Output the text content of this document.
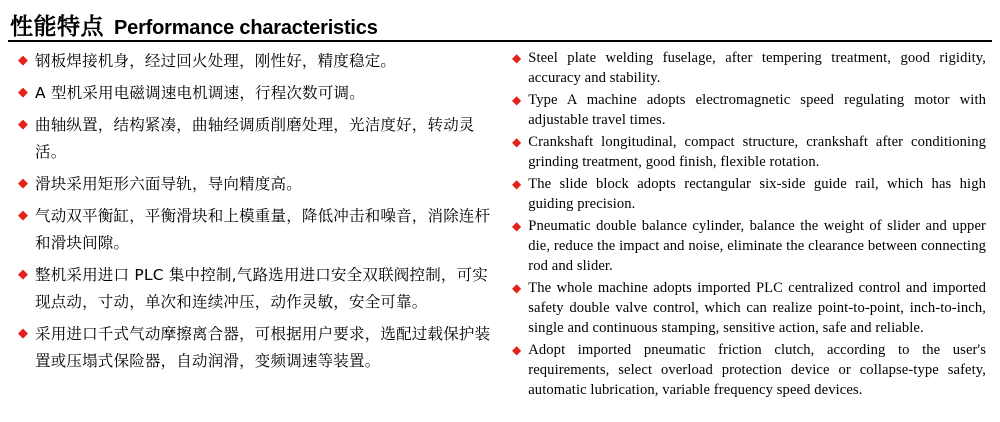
性能特点 Performance characteristics
◆ 钢板焊接机身，经过回火处理，刚性好，精度稳定。
◆ A 型机采用电磁调速电机调速，行程次数可调。
◆ 曲轴纵置，结构紧凑，曲轴经调质削磨处理，光洁度好，转动灵活。
◆ 滑块采用矩形六面导轨，导向精度高。
◆ 气动双平衡缸，平衡滑块和上模重量，降低冲击和噪音，消除连杆和滑块间隙。
◆ 整机采用进口 PLC 集中控制,气路选用进口安全双联阀控制，可实现点动，寸动，单次和连续冲压，动作灵敏，安全可靠。
◆ 采用进口千式气动摩擦离合器，可根据用户要求，选配过载保护装置或压塌式保险器，自动润滑，变频调速等装置。
◆ Steel plate welding fuselage, after tempering treatment, good rigidity, accuracy and stability.
◆ Type A machine adopts electromagnetic speed regulating motor with adjustable travel times.
◆ Crankshaft longitudinal, compact structure, crankshaft after conditioning grinding treatment, good finish, flexible rotation.
◆ The slide block adopts rectangular six-side guide rail, which has high guiding precision.
◆ Pneumatic double balance cylinder, balance the weight of slider and upper die, reduce the impact and noise, eliminate the clearance between connecting rod and slider.
◆ The whole machine adopts imported PLC centralized control and imported safety double valve control, which can realize point-to-point, inch-to-inch, single and continuous stamping, sensitive action, safe and reliable.
◆ Adopt imported pneumatic friction clutch, according to the user's requirements, select overload protection device or collapse-type safety, automatic lubrication, variable frequency speed devices.
